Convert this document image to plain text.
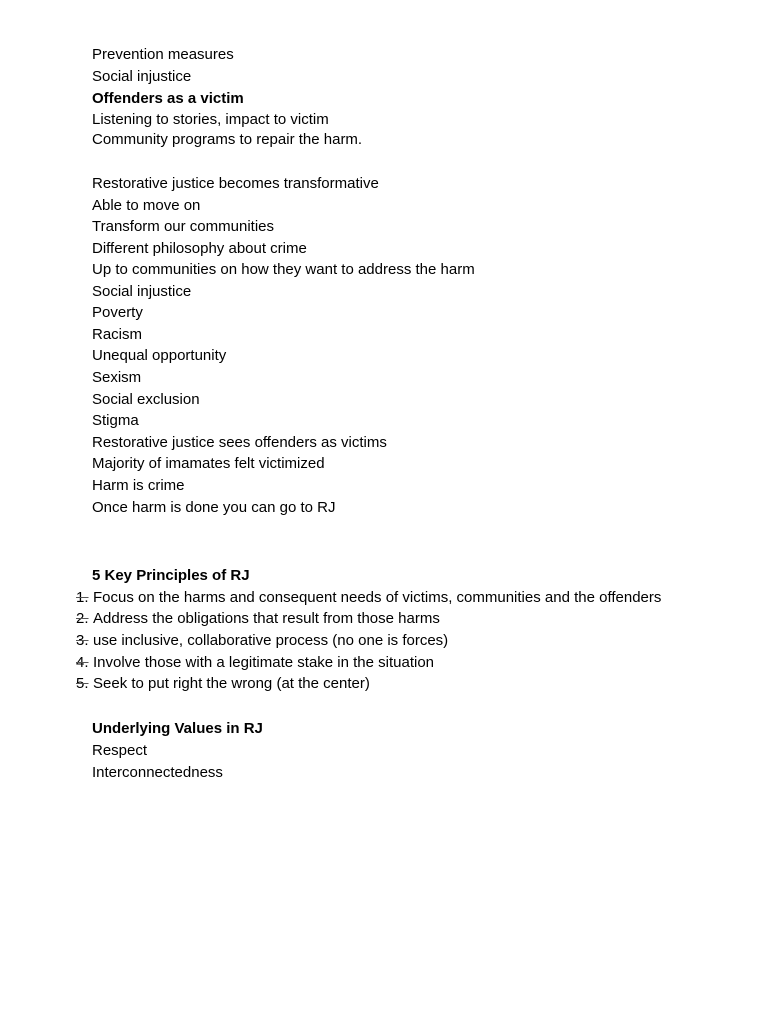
Prevention measures
Social injustice
Offenders as a victim
Listening to stories, impact to victim
Community programs to repair the harm.
Restorative justice becomes transformative
Able to move on
Transform our communities
Different philosophy about crime
Up to communities on how they want to address the harm
Social injustice
Poverty
Racism
Unequal opportunity
Sexism
Social exclusion
Stigma
Restorative justice sees offenders as victims
Majority of imamates felt victimized
Harm is crime
Once harm is done you can go to RJ
5 Key Principles of RJ
1. Focus on the harms and consequent needs of victims, communities and the offenders
2. Address the obligations that result from those harms
3. use inclusive, collaborative process (no one is forces)
4. Involve those with a legitimate stake in the situation
5. Seek to put right the wrong (at the center)
Underlying Values in RJ
Respect
Interconnectedness
